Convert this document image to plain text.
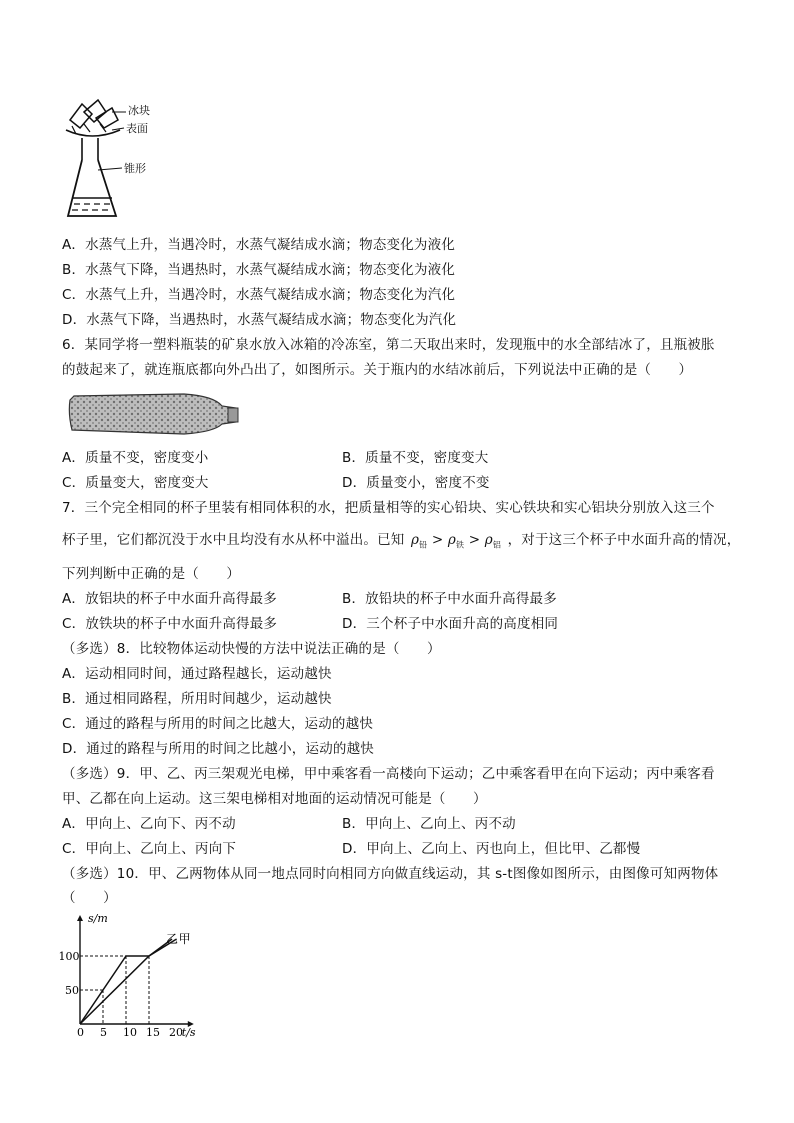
冰块
表面
锥形
A．水蒸气上升，当遇冷时，水蒸气凝结成水滴；物态变化为液化
B．水蒸气下降，当遇热时，水蒸气凝结成水滴；物态变化为液化
C．水蒸气上升，当遇冷时，水蒸气凝结成水滴；物态变化为汽化
D．水蒸气下降，当遇热时，水蒸气凝结成水滴；物态变化为汽化
6．某同学将一塑料瓶装的矿泉水放入冰箱的冷冻室，第二天取出来时，发现瓶中的水全部结冰了，且瓶被胀
的鼓起来了，就连瓶底都向外凸出了，如图所示。关于瓶内的水结冰前后，下列说法中正确的是（　　）
A．质量不变，密度变小	B．质量不变，密度变大
C．质量变大，密度变大	D．质量变小，密度不变
7．三个完全相同的杯子里装有相同体积的水，把质量相等的实心铅块、实心铁块和实心铝块分别放入这三个
杯子里，它们都沉没于水中且均没有水从杯中溢出。已知 $\rho_铅 > \rho_铁 > \rho_铝$ ，对于这三个杯子中水面升高的情况，
下列判断中正确的是（　　）
A．放铝块的杯子中水面升高得最多	B．放铅块的杯子中水面升高得最多
C．放铁块的杯子中水面升高得最多	D．三个杯子中水面升高的高度相同
（多选）8．比较物体运动快慢的方法中说法正确的是（　　）
A．运动相同时间，通过路程越长，运动越快
B．通过相同路程，所用时间越少，运动越快
C．通过的路程与所用的时间之比越大，运动的越快
D．通过的路程与所用的时间之比越小，运动的越快
（多选）9．甲、乙、丙三架观光电梯，甲中乘客看一高楼向下运动；乙中乘客看甲在向下运动；丙中乘客看
甲、乙都在向上运动。这三架电梯相对地面的运动情况可能是（　　）
A．甲向上、乙向下、丙不动	B．甲向上、乙向上、丙不动
C．甲向上、乙向上、丙向下	D．甲向上、乙向上、丙也向上，但比甲、乙都慢
（多选）10．甲、乙两物体从同一地点同时向相同方向做直线运动，其 s-t图像如图所示，由图像可知两物体
（　　）
乙 甲
0 5 10 15 20
50
100
s/m
t/s
